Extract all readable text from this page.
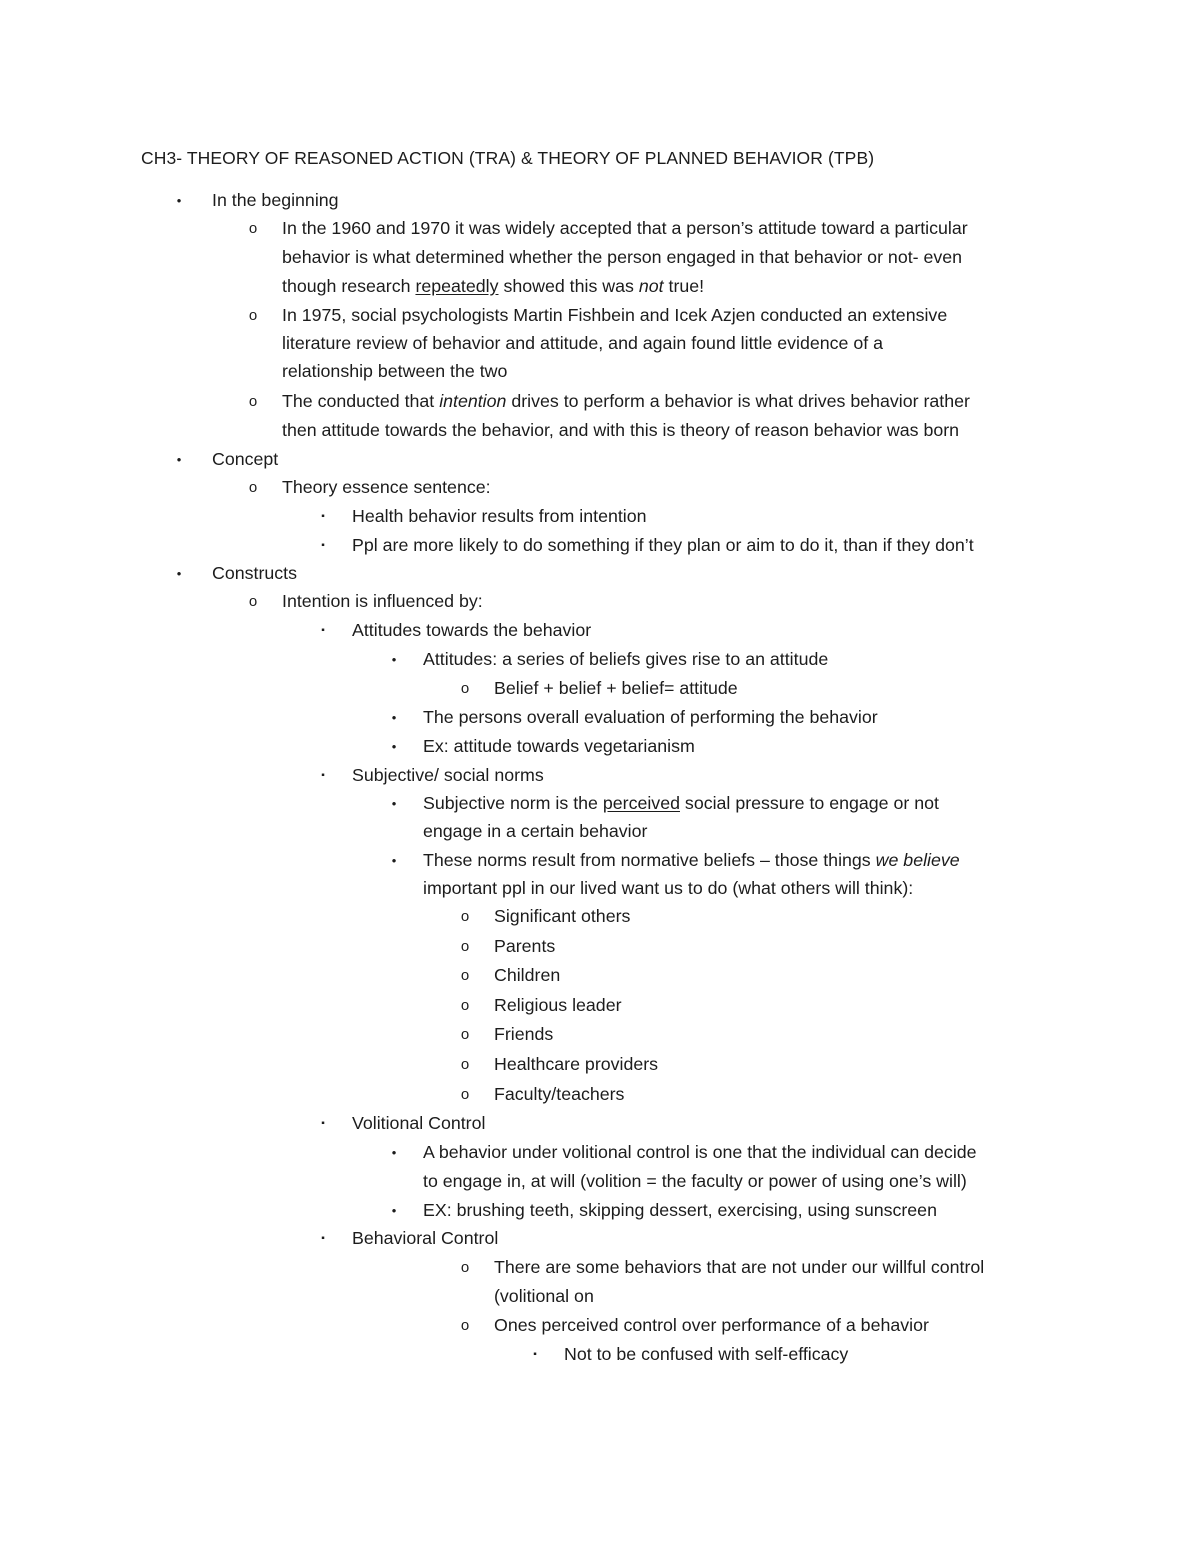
CH3- THEORY OF REASONED ACTION (TRA) & THEORY OF PLANNED BEHAVIOR (TPB)
• In the beginning
o In the 1960 and 1970 it was widely accepted that a person’s attitude toward a particular
behavior is what determined whether the person engaged in that behavior or not- even
though research repeatedly showed this was not true!
o In 1975, social psychologists Martin Fishbein and Icek Azjen conducted an extensive
literature review of behavior and attitude, and again found little evidence of a
relationship between the two
o The conducted that intention drives to perform a behavior is what drives behavior rather
then attitude towards the behavior, and with this is theory of reason behavior was born
• Concept
o Theory essence sentence:
▪ Health behavior results from intention
▪ Ppl are more likely to do something if they plan or aim to do it, than if they don’t
• Constructs
o Intention is influenced by:
▪ Attitudes towards the behavior
• Attitudes: a series of beliefs gives rise to an attitude
o Belief + belief + belief= attitude
• The persons overall evaluation of performing the behavior
• Ex: attitude towards vegetarianism
▪ Subjective/ social norms
• Subjective norm is the perceived social pressure to engage or not
engage in a certain behavior
• These norms result from normative beliefs – those things we believe
important ppl in our lived want us to do (what others will think):
o Significant others
o Parents
o Children
o Religious leader
o Friends
o Healthcare providers
o Faculty/teachers
▪ Volitional Control
• A behavior under volitional control is one that the individual can decide
to engage in, at will (volition = the faculty or power of using one’s will)
• EX: brushing teeth, skipping dessert, exercising, using sunscreen
▪ Behavioral Control
o There are some behaviors that are not under our willful control
(volitional on
o Ones perceived control over performance of a behavior
▪ Not to be confused with self-efficacy
